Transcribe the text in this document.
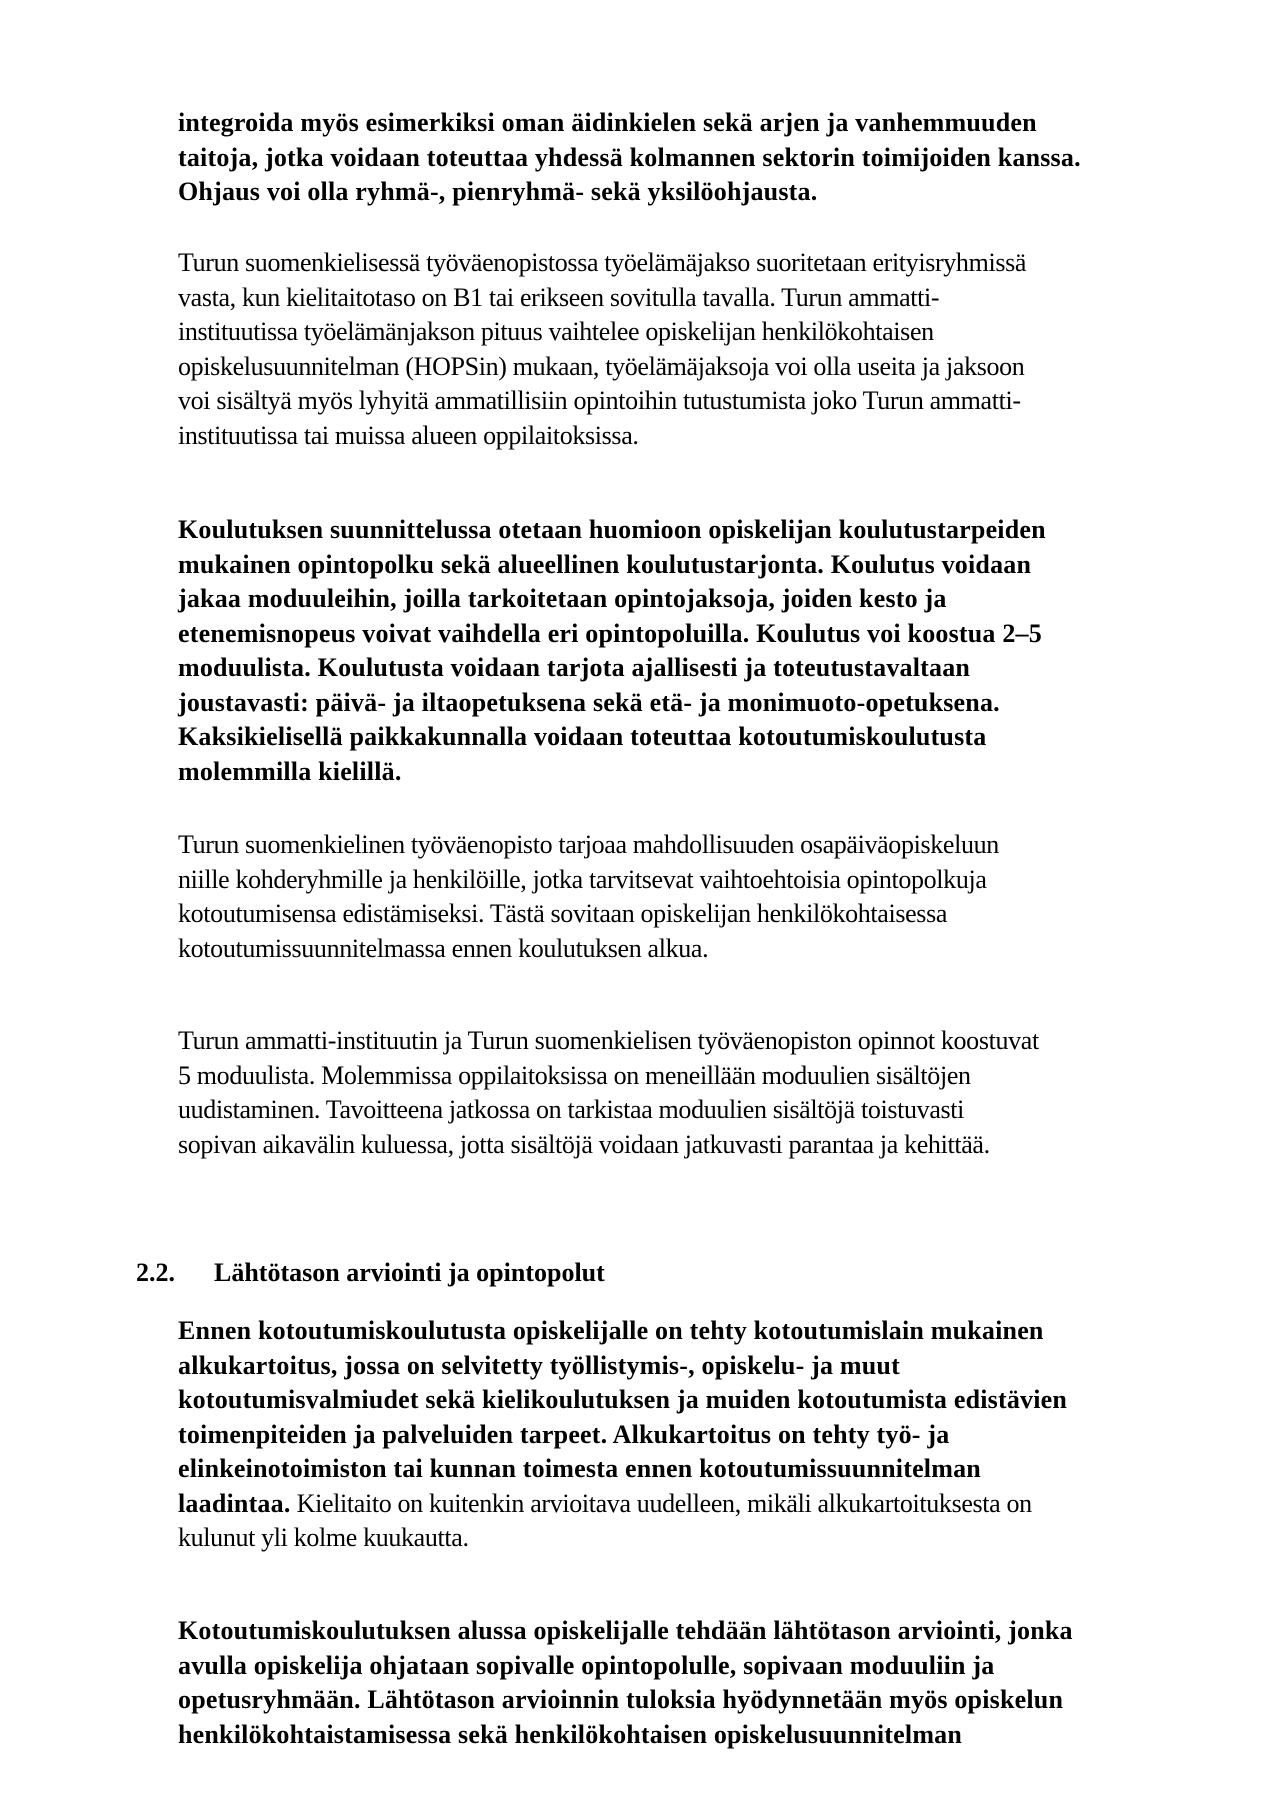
integroida myös esimerkiksi oman äidinkielen sekä arjen ja vanhemmuuden
taitoja, jotka voidaan toteuttaa yhdessä kolmannen sektorin toimijoiden kanssa.
Ohjaus voi olla ryhmä-, pienryhmä- sekä yksilöohjausta.

Turun suomenkielisessä työväenopistossa työelämäjakso suoritetaan erityisryhmissä
vasta, kun kielitaitotaso on B1 tai erikseen sovitulla tavalla. Turun ammatti-
instituutissa työelämänjakson pituus vaihtelee opiskelijan henkilökohtaisen
opiskelusuunnitelman (HOPSin) mukaan, työelämäjaksoja voi olla useita ja jaksoon
voi sisältyä myös lyhyitä ammatillisiin opintoihin tutustumista joko Turun ammatti-
instituutissa tai muissa alueen oppilaitoksissa.

Koulutuksen suunnittelussa otetaan huomioon opiskelijan koulutustarpeiden
mukainen opintopolku sekä alueellinen koulutustarjonta. Koulutus voidaan
jakaa moduuleihin, joilla tarkoitetaan opintojaksoja, joiden kesto ja
etenemisnopeus voivat vaihdella eri opintopoluilla. Koulutus voi koostua 2–5
moduulista. Koulutusta voidaan tarjota ajallisesti ja toteutustavaltaan
joustavasti: päivä- ja iltaopetuksena sekä etä- ja monimuoto-opetuksena.
Kaksikielisellä paikkakunnalla voidaan toteuttaa kotoutumiskoulutusta
molemmilla kielillä.

Turun suomenkielinen työväenopisto tarjoaa mahdollisuuden osapäiväopiskeluun
niille kohderyhmille ja henkilöille, jotka tarvitsevat vaihtoehtoisia opintopolkuja
kotoutumisensa edistämiseksi. Tästä sovitaan opiskelijan henkilökohtaisessa
kotoutumissuunnitelmassa ennen koulutuksen alkua.

Turun ammatti-instituutin ja Turun suomenkielisen työväenopiston opinnot koostuvat
5 moduulista. Molemmissa oppilaitoksissa on meneillään moduulien sisältöjen
uudistaminen. Tavoitteena jatkossa on tarkistaa moduulien sisältöjä toistuvasti
sopivan aikavälin kuluessa, jotta sisältöjä voidaan jatkuvasti parantaa ja kehittää.

2.2. Lähtötason arviointi ja opintopolut

Ennen kotoutumiskoulutusta opiskelijalle on tehty kotoutumislain mukainen
alkukartoitus, jossa on selvitetty työllistymis-, opiskelu- ja muut
kotoutumisvalmiudet sekä kielikoulutuksen ja muiden kotoutumista edistävien
toimenpiteiden ja palveluiden tarpeet. Alkukartoitus on tehty työ- ja
elinkeinotoimiston tai kunnan toimesta ennen kotoutumissuunnitelman
laadintaa. Kielitaito on kuitenkin arvioitava uudelleen, mikäli alkukartoituksesta on
kulunut yli kolme kuukautta.

Kotoutumiskoulutuksen alussa opiskelijalle tehdään lähtötason arviointi, jonka
avulla opiskelija ohjataan sopivalle opintopolulle, sopivaan moduuliin ja
opetusryhmään. Lähtötason arvioinnin tuloksia hyödynnetään myös opiskelun
henkilökohtaistamisessa sekä henkilökohtaisen opiskelusuunnitelman
